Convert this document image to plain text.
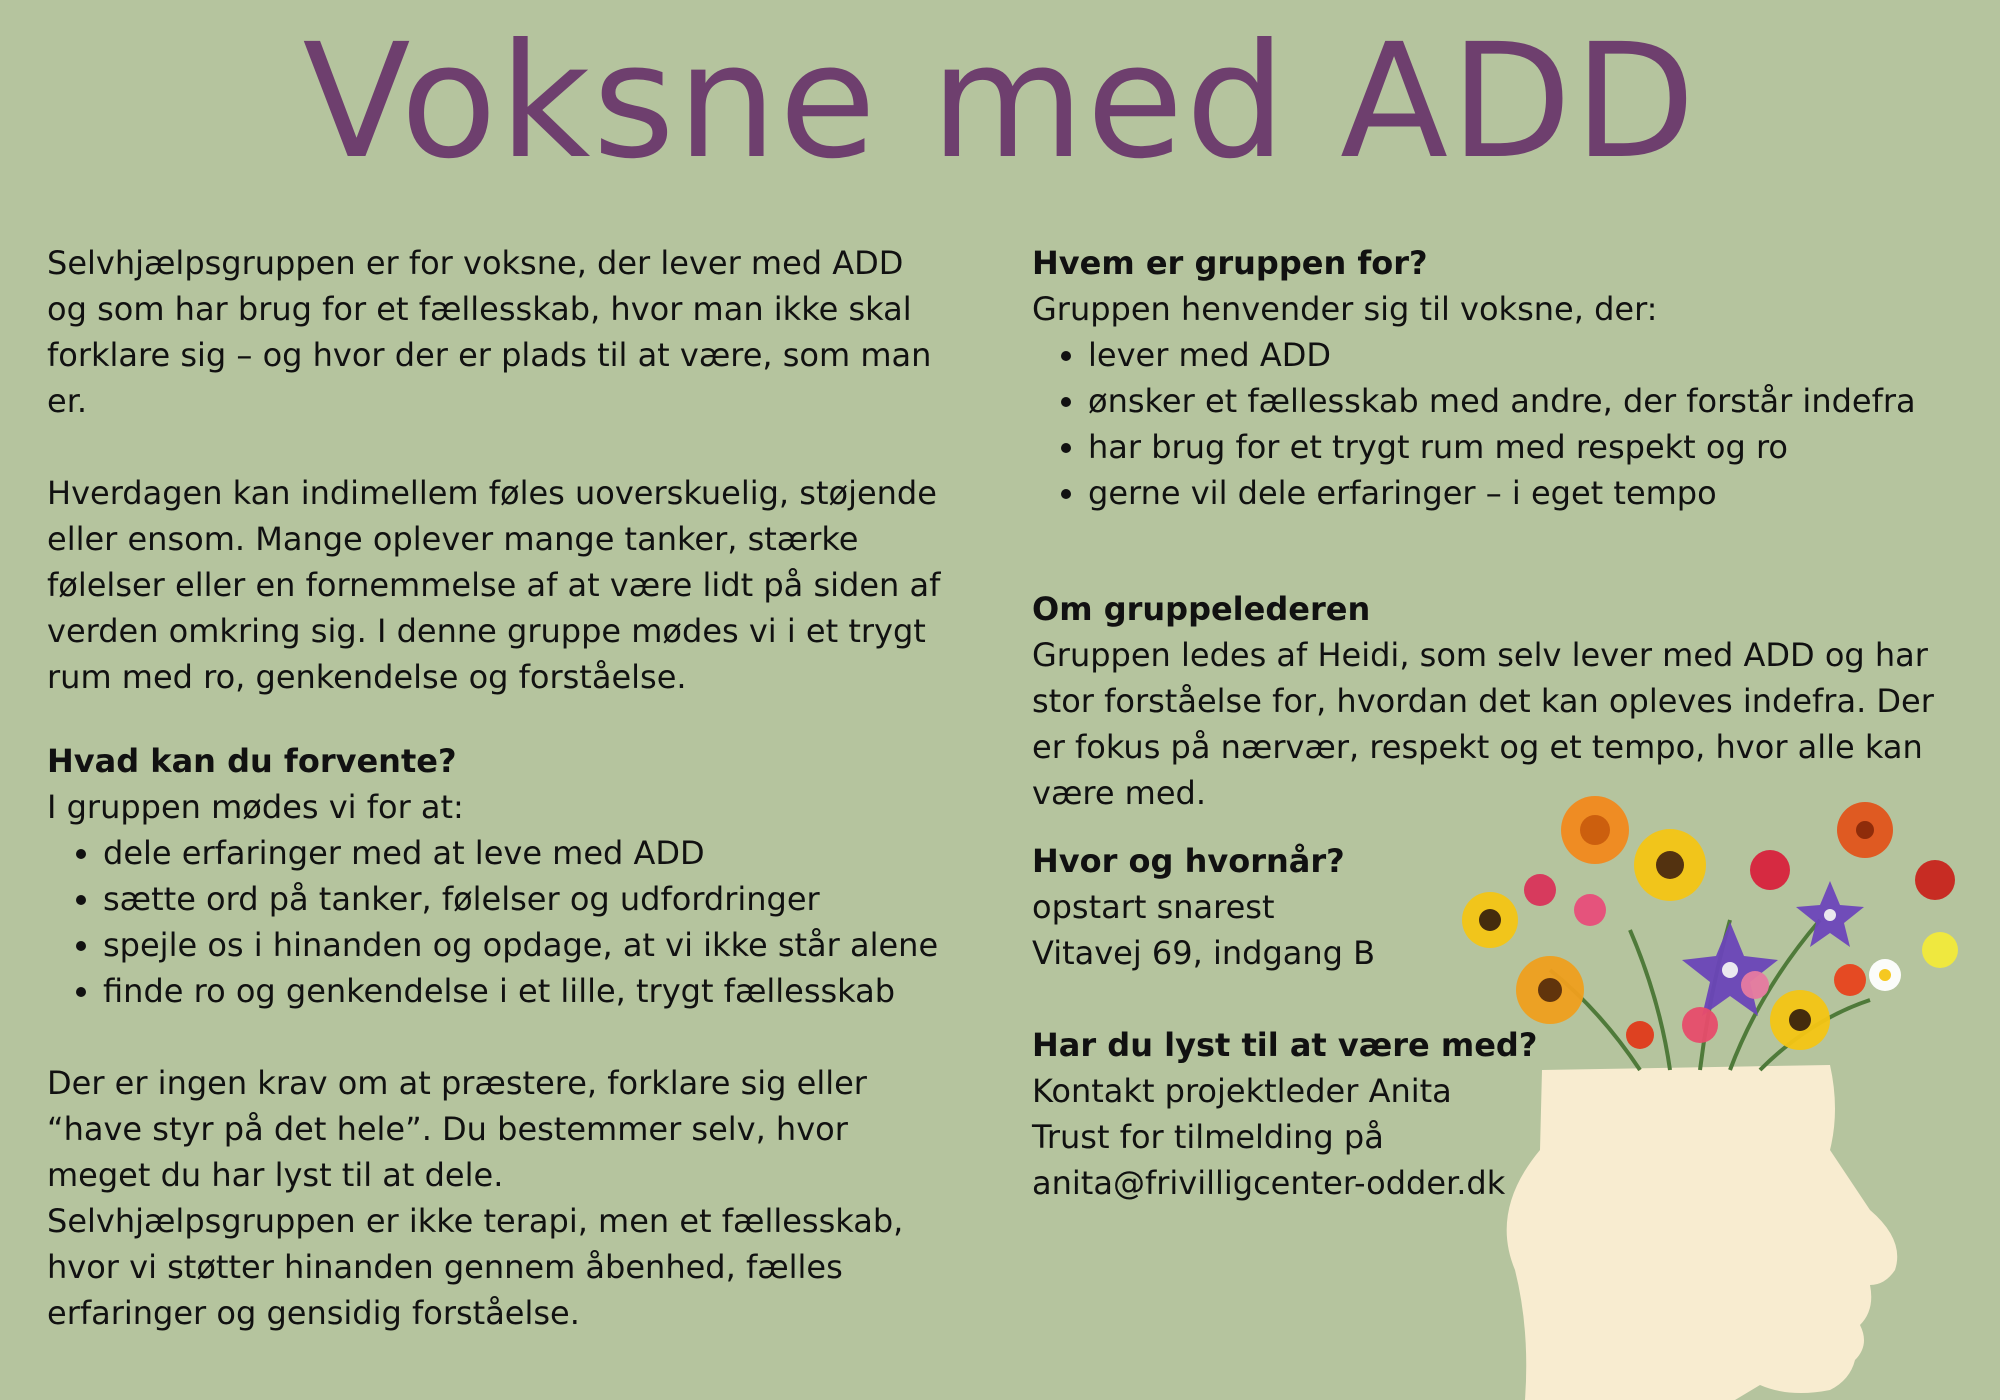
Voksne med ADD

Selvhjælpsgruppen er for voksne, der lever med ADD og som har brug for et fællesskab, hvor man ikke skal forklare sig – og hvor der er plads til at være, som man er.

Hverdagen kan indimellem føles uoverskuelig, støjende eller ensom. Mange oplever mange tanker, stærke følelser eller en fornemmelse af at være lidt på siden af verden omkring sig. I denne gruppe mødes vi i et trygt rum med ro, genkendelse og forståelse.

Hvad kan du forvente?

I gruppen mødes vi for at:

• dele erfaringer med at leve med ADD
• sætte ord på tanker, følelser og udfordringer
• spejle os i hinanden og opdage, at vi ikke står alene
• finde ro og genkendelse i et lille, trygt fællesskab

Der er ingen krav om at præstere, forklare sig eller “have styr på det hele”. Du bestemmer selv, hvor meget du har lyst til at dele.

Selvhjælpsgruppen er ikke terapi, men et fællesskab, hvor vi støtter hinanden gennem åbenhed, fælles erfaringer og gensidig forståelse.

Hvem er gruppen for?

Gruppen henvender sig til voksne, der:

• lever med ADD
• ønsker et fællesskab med andre, der forstår indefra
• har brug for et trygt rum med respekt og ro
• gerne vil dele erfaringer – i eget tempo

Om gruppelederen

Gruppen ledes af Heidi, som selv lever med ADD og har stor forståelse for, hvordan det kan opleves indefra. Der er fokus på nærvær, respekt og et tempo, hvor alle kan være med.

Hvor og hvornår?

opstart snarest

Vitavej 69, indgang B

Har du lyst til at være med?

Kontakt projektleder Anita

Trust for tilmelding på

anita@frivilligcenter-odder.dk
